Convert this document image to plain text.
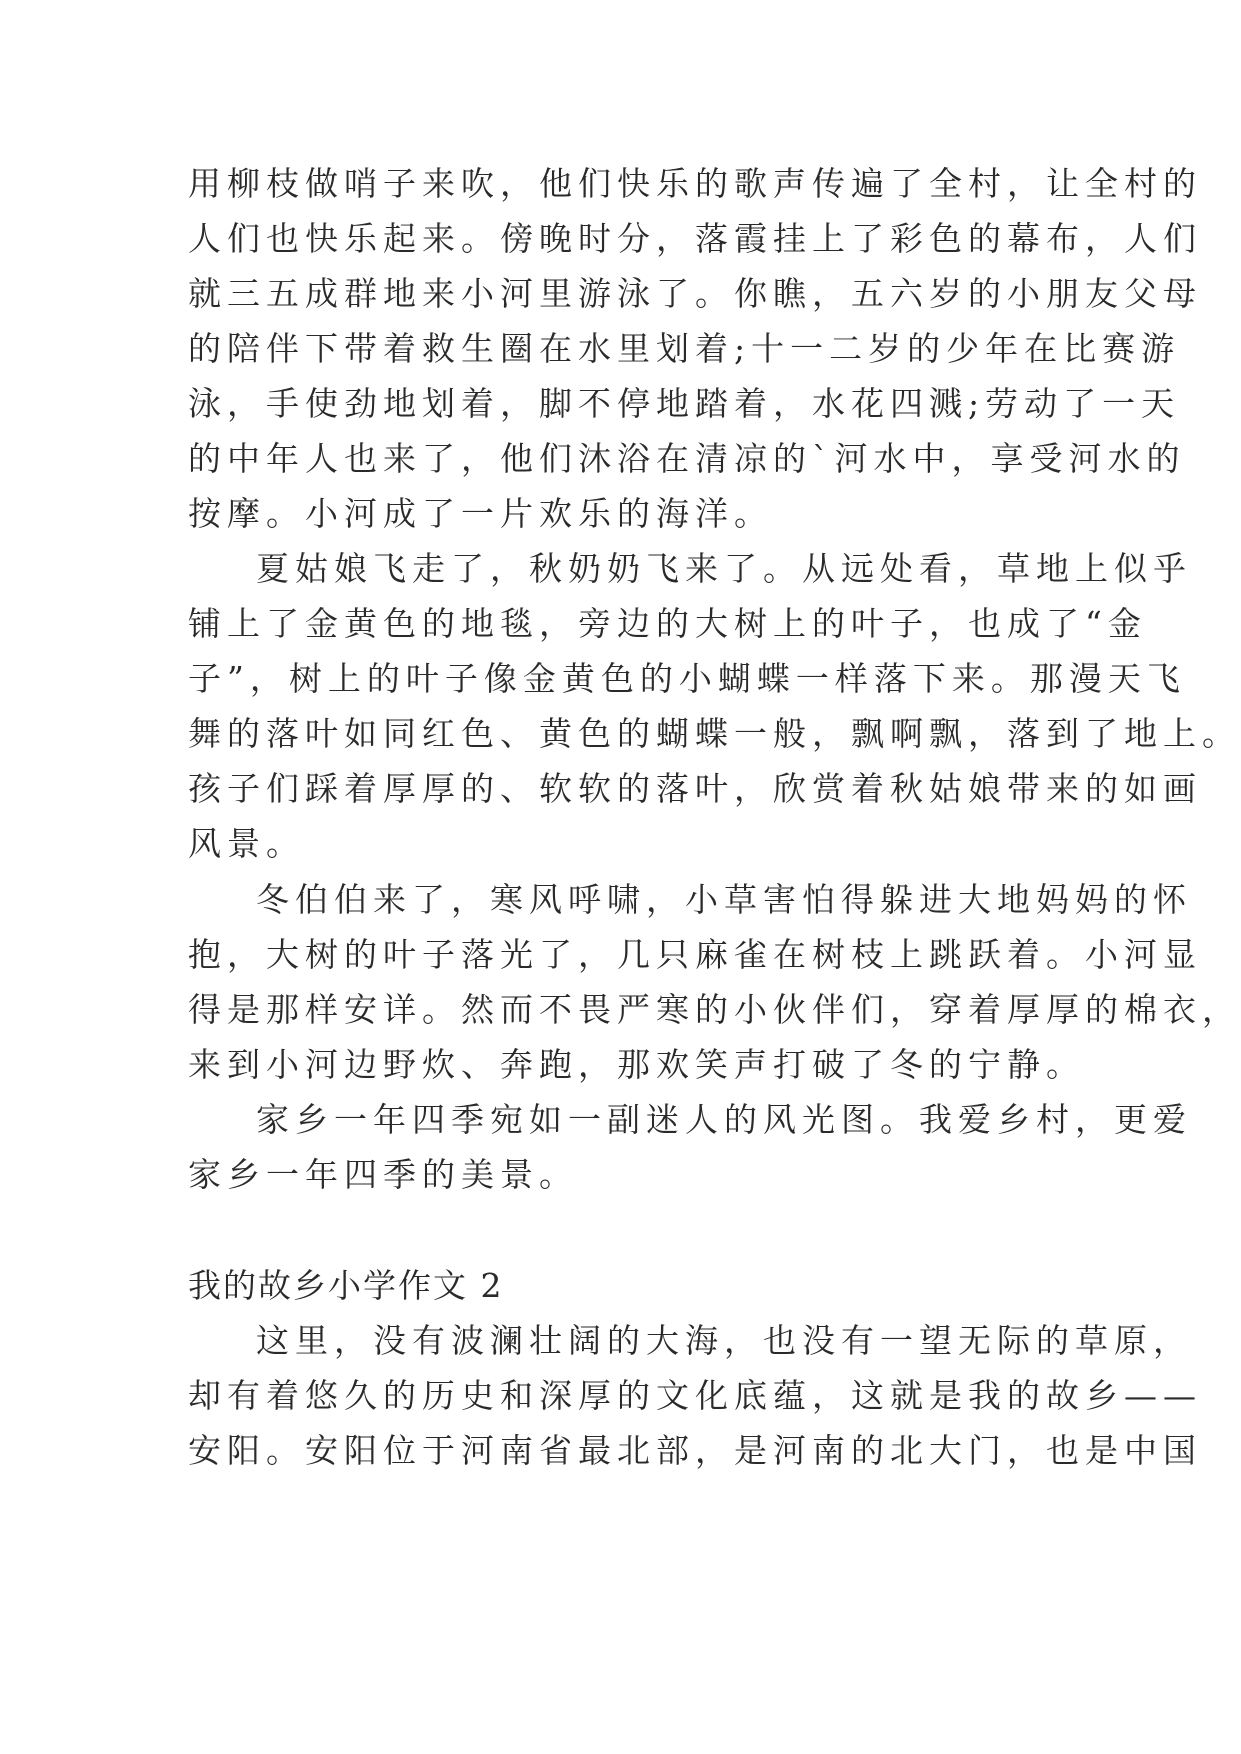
用柳枝做哨子来吹，他们快乐的歌声传遍了全村，让全村的
人们也快乐起来。傍晚时分，落霞挂上了彩色的幕布，人们
就三五成群地来小河里游泳了。你瞧，五六岁的小朋友父母
的陪伴下带着救生圈在水里划着;十一二岁的少年在比赛游
泳，手使劲地划着，脚不停地踏着，水花四溅;劳动了一天
的中年人也来了，他们沐浴在清凉的`河水中，享受河水的
按摩。小河成了一片欢乐的海洋。
夏姑娘飞走了，秋奶奶飞来了。从远处看，草地上似乎
铺上了金黄色的地毯，旁边的大树上的叶子，也成了“金
子”，树上的叶子像金黄色的小蝴蝶一样落下来。那漫天飞
舞的落叶如同红色、黄色的蝴蝶一般，飘啊飘，落到了地上。
孩子们踩着厚厚的、软软的落叶，欣赏着秋姑娘带来的如画
风景。
冬伯伯来了，寒风呼啸，小草害怕得躲进大地妈妈的怀
抱，大树的叶子落光了，几只麻雀在树枝上跳跃着。小河显
得是那样安详。然而不畏严寒的小伙伴们，穿着厚厚的棉衣，
来到小河边野炊、奔跑，那欢笑声打破了冬的宁静。
家乡一年四季宛如一副迷人的风光图。我爱乡村，更爱
家乡一年四季的美景。
我的故乡小学作文 2
这里，没有波澜壮阔的大海，也没有一望无际的草原，
却有着悠久的历史和深厚的文化底蕴，这就是我的故乡——
安阳。安阳位于河南省最北部，是河南的北大门，也是中国
